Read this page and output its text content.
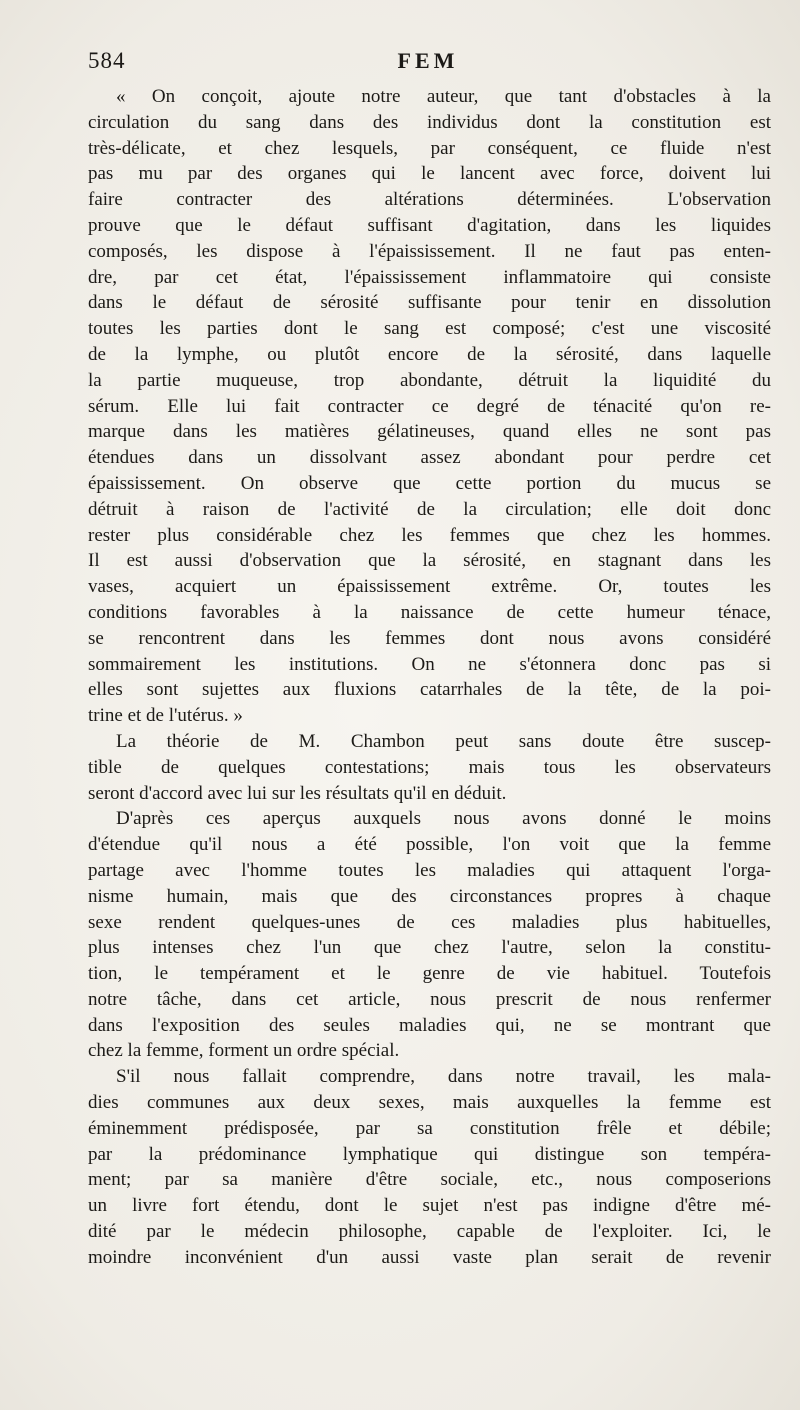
584	FEM
« On conçoit, ajoute notre auteur, que tant d'obstacles à la
circulation du sang dans des individus dont la constitution est
très-délicate, et chez lesquels, par conséquent, ce fluide n'est
pas mu par des organes qui le lancent avec force, doivent lui
faire contracter des altérations déterminées. L'observation
prouve que le défaut suffisant d'agitation, dans les liquides
composés, les dispose à l'épaississement. Il ne faut pas enten-
dre, par cet état, l'épaississement inflammatoire qui consiste
dans le défaut de sérosité suffisante pour tenir en dissolution
toutes les parties dont le sang est composé; c'est une viscosité
de la lymphe, ou plutôt encore de la sérosité, dans laquelle
la partie muqueuse, trop abondante, détruit la liquidité du
sérum. Elle lui fait contracter ce degré de ténacité qu'on re-
marque dans les matières gélatineuses, quand elles ne sont pas
étendues dans un dissolvant assez abondant pour perdre cet
épaississement. On observe que cette portion du mucus se
détruit à raison de l'activité de la circulation; elle doit donc
rester plus considérable chez les femmes que chez les hommes.
Il est aussi d'observation que la sérosité, en stagnant dans les
vases, acquiert un épaississement extrême. Or, toutes les
conditions favorables à la naissance de cette humeur ténace,
se rencontrent dans les femmes dont nous avons considéré
sommairement les institutions. On ne s'étonnera donc pas si
elles sont sujettes aux fluxions catarrhales de la tête, de la poi-
trine et de l'utérus. »
La théorie de M. Chambon peut sans doute être suscep-
tible de quelques contestations; mais tous les observateurs
seront d'accord avec lui sur les résultats qu'il en déduit.
D'après ces aperçus auxquels nous avons donné le moins
d'étendue qu'il nous a été possible, l'on voit que la femme
partage avec l'homme toutes les maladies qui attaquent l'orga-
nisme humain, mais que des circonstances propres à chaque
sexe rendent quelques-unes de ces maladies plus habituelles,
plus intenses chez l'un que chez l'autre, selon la constitu-
tion, le tempérament et le genre de vie habituel. Toutefois
notre tâche, dans cet article, nous prescrit de nous renfermer
dans l'exposition des seules maladies qui, ne se montrant que
chez la femme, forment un ordre spécial.
S'il nous fallait comprendre, dans notre travail, les mala-
dies communes aux deux sexes, mais auxquelles la femme est
éminemment prédisposée, par sa constitution frêle et débile;
par la prédominance lymphatique qui distingue son tempéra-
ment; par sa manière d'être sociale, etc., nous composerions
un livre fort étendu, dont le sujet n'est pas indigne d'être mé-
dité par le médecin philosophe, capable de l'exploiter. Ici, le
moindre inconvénient d'un aussi vaste plan serait de revenir
